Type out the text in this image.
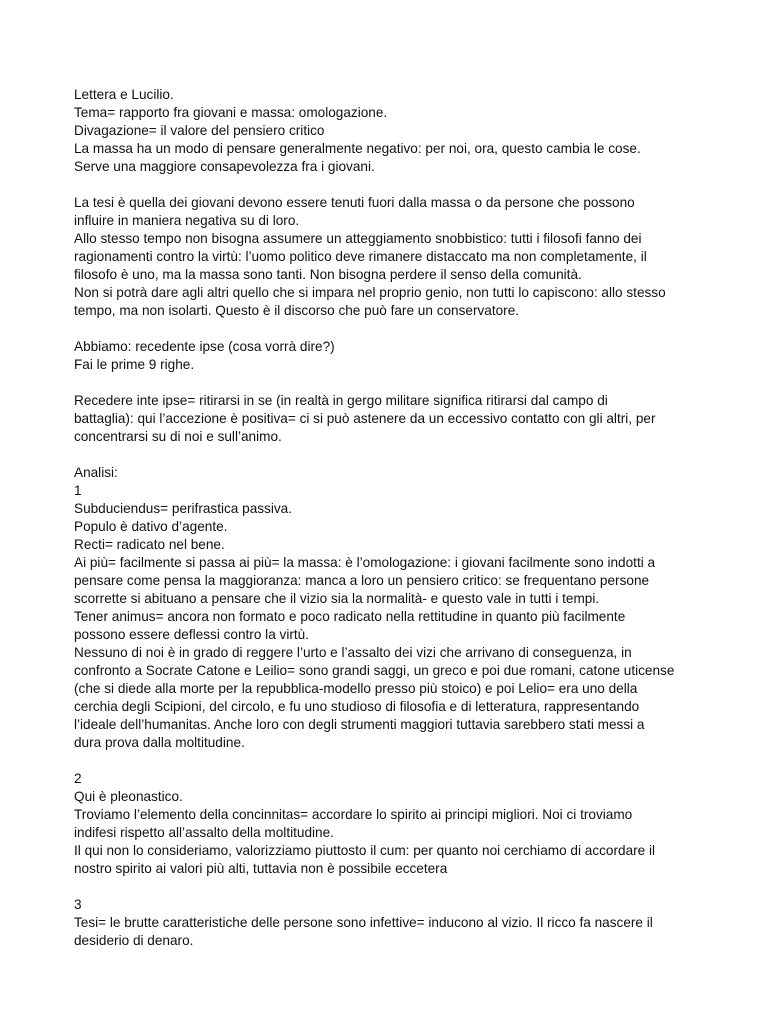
Lettera e Lucilio.
Tema= rapporto fra giovani e massa: omologazione.
Divagazione= il valore del pensiero critico
La massa ha un modo di pensare generalmente negativo: per noi, ora, questo cambia le cose.
Serve una maggiore consapevolezza fra i giovani.
La tesi è quella dei giovani devono essere tenuti fuori dalla massa o da persone che possono
influire in maniera negativa su di loro.
Allo stesso tempo non bisogna assumere un atteggiamento snobbistico: tutti i filosofi fanno dei
ragionamenti contro la virtù: l’uomo politico deve rimanere distaccato ma non completamente, il
filosofo è uno, ma la massa sono tanti. Non bisogna perdere il senso della comunità.
Non si potrà dare agli altri quello che si impara nel proprio genio, non tutti lo capiscono: allo stesso
tempo, ma non isolarti. Questo è il discorso che può fare un conservatore.
Abbiamo: recedente ipse (cosa vorrà dire?)
Fai le prime 9 righe.
Recedere inte ipse= ritirarsi in se (in realtà in gergo militare significa ritirarsi dal campo di
battaglia): qui l’accezione è positiva= ci si può astenere da un eccessivo contatto con gli altri, per
concentrarsi su di noi e sull’animo.
Analisi:
1
Subduciendus= perifrastica passiva.
Populo è dativo d’agente.
Recti= radicato nel bene.
Ai più= facilmente si passa ai più= la massa: è l’omologazione: i giovani facilmente sono indotti a
pensare come pensa la maggioranza: manca a loro un pensiero critico: se frequentano persone
scorrette si abituano a pensare che il vizio sia la normalità- e questo vale in tutti i tempi.
Tener animus= ancora non formato e poco radicato nella rettitudine in quanto più facilmente
possono essere deflessi contro la virtù.
Nessuno di noi è in grado di reggere l’urto e l’assalto dei vizi che arrivano di conseguenza, in
confronto a Socrate Catone e Leilio= sono grandi saggi, un greco e poi due romani, catone uticense
(che si diede alla morte per la repubblica-modello presso più stoico) e poi Lelio= era uno della
cerchia degli Scipioni, del circolo, e fu uno studioso di filosofia e di letteratura, rappresentando
l’ideale dell’humanitas. Anche loro con degli strumenti maggiori tuttavia sarebbero stati messi a
dura prova dalla moltitudine.
2
Qui è pleonastico.
Troviamo l’elemento della concinnitas= accordare lo spirito ai principi migliori. Noi ci troviamo
indifesi rispetto all’assalto della moltitudine.
Il qui non lo consideriamo, valorizziamo piuttosto il cum: per quanto noi cerchiamo di accordare il
nostro spirito ai valori più alti, tuttavia non è possibile eccetera
3
Tesi= le brutte caratteristiche delle persone sono infettive= inducono al vizio. Il ricco fa nascere il
desiderio di denaro.
